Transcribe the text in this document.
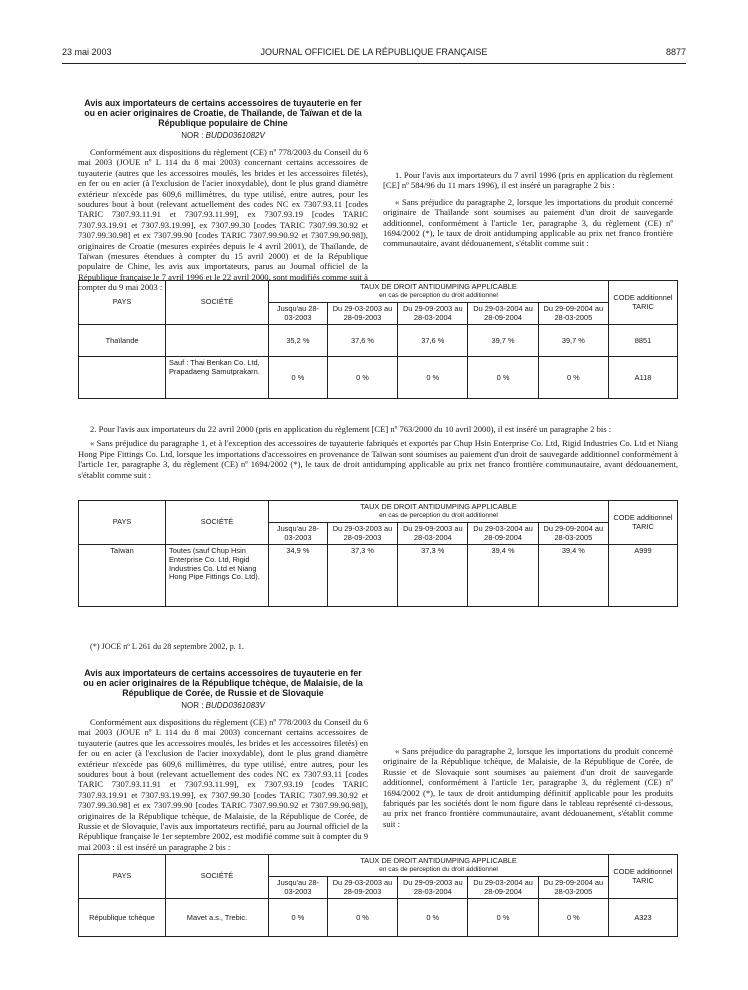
23 mai 2003	JOURNAL OFFICIEL DE LA RÉPUBLIQUE FRANÇAISE	8877
Avis aux importateurs de certains accessoires de tuyauterie en fer ou en acier originaires de Croatie, de Thaïlande, de Taïwan et de la République populaire de Chine
NOR : BUDD0361082V

Conformément aux dispositions du règlement (CE) nº 778/2003 du Conseil du 6 mai 2003 (JOUE nº L 114 du 8 mai 2003) concernant certains accessoires de tuyauterie (autres que les accessoires moulés, les brides et les accessoires filetés), en fer ou en acier (à l'exclusion de l'acier inoxydable), dont le plus grand diamètre extérieur n'excède pas 609,6 millimètres, du type utilisé, entre autres, pour les soudures bout à bout (relevant actuellement des codes NC ex 7307.93.11 [codes TARIC 7307.93.11.91 et 7307.93.11.99], ex 7307.93.19 [codes TARIC 7307.93.19.91 et 7307.93.19.99], ex 7307.99.30 [codes TARIC 7307.99.30.92 et 7307.99.30.98] et ex 7307.99.90 [codes TARIC 7307.99.90.92 et 7307.99.90.98]), originaires de Croatie (mesures expirées depuis le 4 avril 2001), de Thaïlande, de Taïwan (mesures étendues à compter du 15 avril 2000) et de la République populaire de Chine, les avis aux importateurs, parus au Journal officiel de la République française le 7 avril 1996 et le 22 avril 2000, sont modifiés comme suit à compter du 9 mai 2003 :

1. Pour l'avis aux importateurs du 7 avril 1996 (pris en application du règlement [CE] nº 584/96 du 11 mars 1996), il est inséré un paragraphe 2 bis :

« Sans préjudice du paragraphe 2, lorsque les importations du produit concerné originaire de Thaïlande sont soumises au paiement d'un droit de sauvegarde additionnel, conformément à l'article 1er, paragraphe 3, du règlement (CE) nº 1694/2002 (*), le taux de droit antidumping applicable au prix net franco frontière communautaire, avant dédouanement, s'établit comme suit :

PAYS	SOCIÉTÉ	TAUX DE DROIT ANTIDUMPING APPLICABLE
en cas de perception du droit additionnel					CODE additionnel TARIC
		Jusqu'au 28-03-2003	Du 29-03-2003 au 28-09-2003	Du 29-09-2003 au 28-03-2004	Du 29-03-2004 au 28-09-2004	Du 29-09-2004 au 28-03-2005	
Thaïlande		35,2 %	37,6 %	37,6 %	39,7 %	39,7 %	8851
	Sauf : Thai Benkan Co. Ltd, Prapadaeng Samutprakarn.	0 %	0 %	0 %	0 %	0 %	A118

2. Pour l'avis aux importateurs du 22 avril 2000 (pris en application du règlement [CE] nº 763/2000 du 10 avril 2000), il est inséré un paragraphe 2 bis :

« Sans préjudice du paragraphe 1, et à l'exception des accessoires de tuyauterie fabriqués et exportés par Chup Hsin Enterprise Co. Ltd, Rigid Industries Co. Ltd et Niang Hong Pipe Fittings Co. Ltd, lorsque les importations d'accessoires en provenance de Taïwan sont soumises au paiement d'un droit de sauvegarde additionnel conformément à l'article 1er, paragraphe 3, du règlement (CE) nº 1694/2002 (*), le taux de droit antidumping applicable au prix net franco frontière communautaire, avant dédouanement, s'établit comme suit :

PAYS	SOCIÉTÉ	TAUX DE DROIT ANTIDUMPING APPLICABLE
en cas de perception du droit additionnel					CODE additionnel TARIC
		Jusqu'au 28-03-2003	Du 29-03-2003 au 28-09-2003	Du 29-09-2003 au 28-03-2004	Du 29-03-2004 au 28-09-2004	Du 29-09-2004 au 28-03-2005	
Taïwan	Toutes (sauf Chup Hsin Enterprise Co. Ltd, Rigid Industries Co. Ltd et Niang Hong Pipe Fittings Co. Ltd).	34,9 %	37,3 %	37,3 %	39,4 %	39,4 %	A999
(*) JOCE nº L 261 du 28 septembre 2002, p. 1.
Avis aux importateurs de certains accessoires de tuyauterie en fer ou en acier originaires de la République tchèque, de Malaisie, de la République de Corée, de Russie et de Slovaquie
NOR : BUDD0361083V

Conformément aux dispositions du règlement (CE) nº 778/2003 du Conseil du 6 mai 2003 (JOUE nº L 114 du 8 mai 2003) concernant certains accessoires de tuyauterie (autres que les accessoires moulés, les brides et les accessoires filetés) en fer ou en acier (à l'exclusion de l'acier inoxydable), dont le plus grand diamètre extérieur n'excède pas 609,6 millimètres, du type utilisé, entre autres, pour les soudures bout à bout (relevant actuellement des codes NC ex 7307.93.11 [codes TARIC 7307.93.11.91 et 7307.93.11.99], ex 7307.93.19 [codes TARIC 7307.93.19.91 et 7307.93.19.99], ex 7307.99.30 [codes TARIC 7307.99.30.92 et 7307.99.30.98] et ex 7307.99.90 [codes TARIC 7307.99.90.92 et 7307.99.90.98]), originaires de la République tchèque, de Malaisie, de la République de Corée, de Russie et de Slovaquie, l'avis aux importateurs rectifié, paru au Journal officiel de la République française le 1er septembre 2002, est modifié comme suit à compter du 9 mai 2003 : il est inséré un paragraphe 2 bis :

« Sans préjudice du paragraphe 2, lorsque les importations du produit concerné originaire de la République tchèque, de Malaisie, de la République de Corée, de Russie et de Slovaquie sont soumises au paiement d'un droit de sauvegarde additionnel, conformément à l'article 1er, paragraphe 3, du règlement (CE) nº 1694/2002 (*), le taux de droit antidumping définitif applicable pour les produits fabriqués par les sociétés dont le nom figure dans le tableau représenté ci-dessous, au prix net franco frontière communautaire, avant dédouanement, s'établit comme suit :

PAYS	SOCIÉTÉ	TAUX DE DROIT ANTIDUMPING APPLICABLE
en cas de perception du droit additionnel					CODE additionnel TARIC
		Jusqu'au 28-03-2003	Du 29-03-2003 au 28-09-2003	Du 29-09-2003 au 28-03-2004	Du 29-03-2004 au 28-09-2004	Du 29-09-2004 au 28-03-2005	
République tchèque	Mavet a.s., Trebic.	0 %	0 %	0 %	0 %	0 %	A323
